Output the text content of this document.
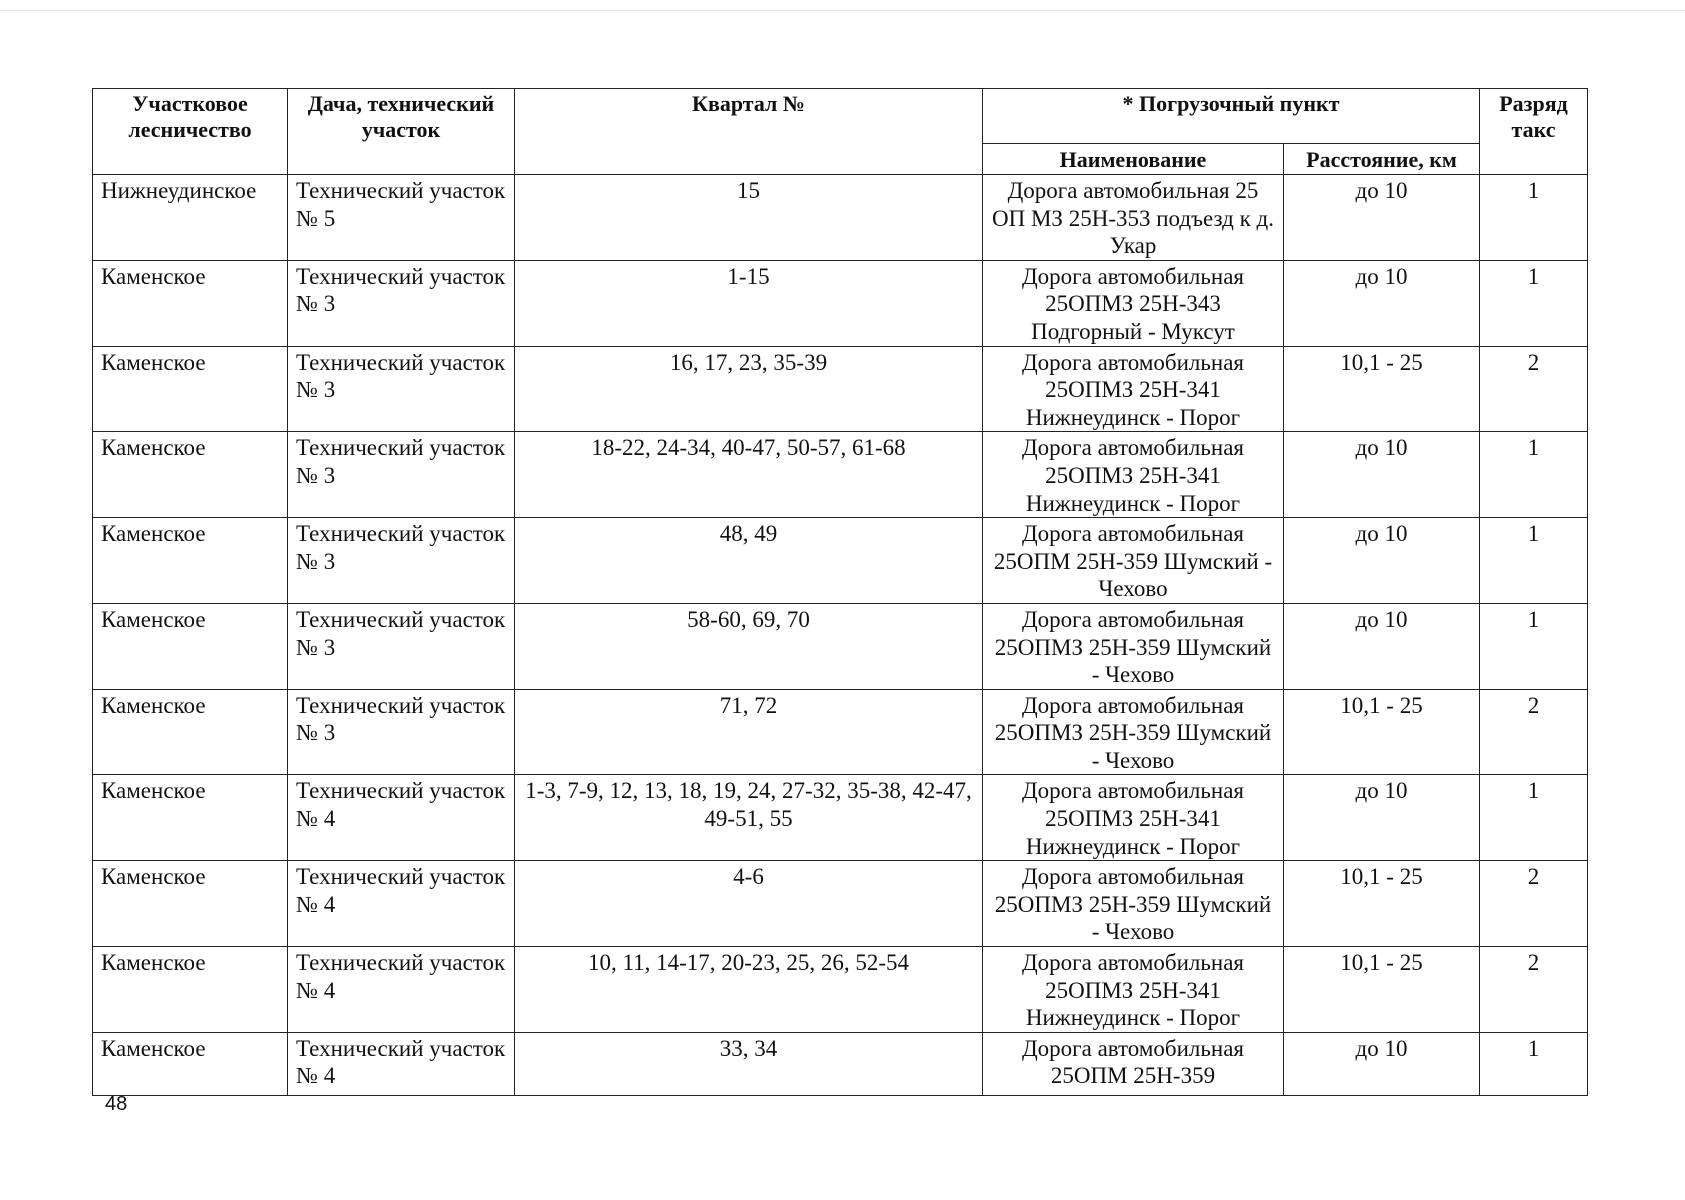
Участковое лесничество	Дача, технический участок	Квартал №	* Погрузочный пункт		Разряд такс
			Наименование	Расстояние, км	
Нижнеудинское	Технический участок № 5	15	Дорога автомобильная 25 ОП МЗ 25Н-353 подъезд к д. Укар	до 10	1
Каменское	Технический участок № 3	1-15	Дорога автомобильная 25ОПМЗ 25Н-343 Подгорный - Муксут	до 10	1
Каменское	Технический участок № 3	16, 17, 23, 35-39	Дорога автомобильная 25ОПМЗ 25Н-341 Нижнеудинск - Порог	10,1 - 25	2
Каменское	Технический участок № 3	18-22, 24-34, 40-47, 50-57, 61-68	Дорога автомобильная 25ОПМЗ 25Н-341 Нижнеудинск - Порог	до 10	1
Каменское	Технический участок № 3	48, 49	Дорога автомобильная 25ОПМ 25Н-359 Шумский - Чехово	до 10	1
Каменское	Технический участок № 3	58-60, 69, 70	Дорога автомобильная 25ОПМЗ 25Н-359 Шумский - Чехово	до 10	1
Каменское	Технический участок № 3	71, 72	Дорога автомобильная 25ОПМЗ 25Н-359 Шумский - Чехово	10,1 - 25	2
Каменское	Технический участок № 4	1-3, 7-9, 12, 13, 18, 19, 24, 27-32, 35-38, 42-47, 49-51, 55	Дорога автомобильная 25ОПМЗ 25Н-341 Нижнеудинск - Порог	до 10	1
Каменское	Технический участок № 4	4-6	Дорога автомобильная 25ОПМЗ 25Н-359 Шумский - Чехово	10,1 - 25	2
Каменское	Технический участок № 4	10, 11, 14-17, 20-23, 25, 26, 52-54	Дорога автомобильная 25ОПМЗ 25Н-341 Нижнеудинск - Порог	10,1 - 25	2
Каменское	Технический участок № 4	33, 34	Дорога автомобильная 25ОПМ 25Н-359	до 10	1
48
